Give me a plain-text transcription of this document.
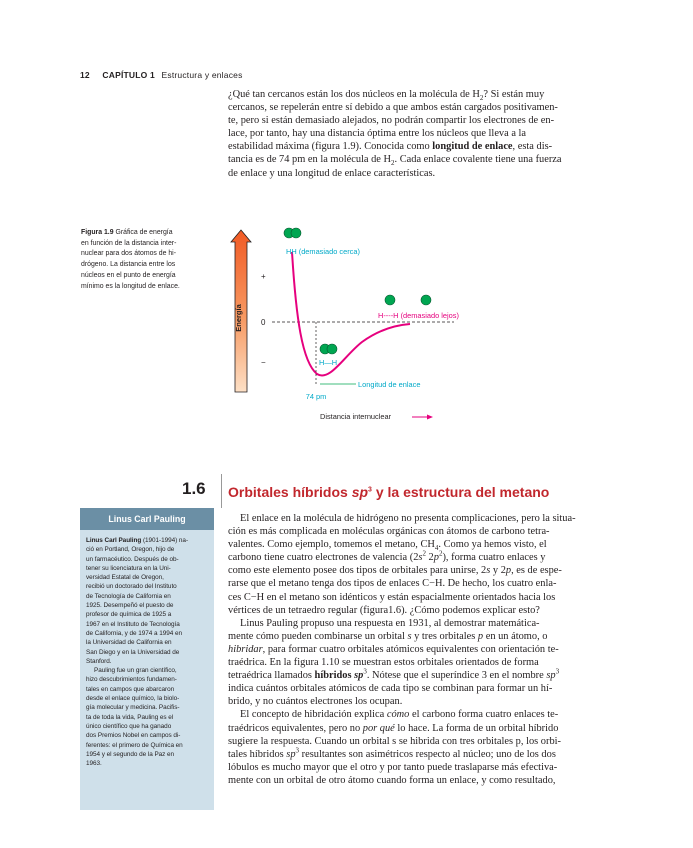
12 CAPÍTULO 1 Estructura y enlaces
¿Qué tan cercanos están los dos núcleos en la molécula de $H_2$? Si están muy
cercanos, se repelerán entre sí debido a que ambos están cargados positivamen-
te, pero si están demasiado alejados, no podrán compartir los electrones de en-
lace, por tanto, hay una distancia óptima entre los núcleos que lleva a la
estabilidad máxima (figura 1.9). Conocida como longitud de enlace, esta dis-
tancia es de 74 pm en la molécula de $H_2$. Cada enlace covalente tiene una fuerza
de enlace y una longitud de enlace características.
Figura 1.9 Gráfica de energía
en función de la distancia inter-
nuclear para dos átomos de hi-
drógeno. La distancia entre los
núcleos en el punto de energía
mínimo es la longitud de enlace.
Energía
+
0
−
HH (demasiado cerca)
H----H (demasiado lejos)
H—H
Longitud de enlace
74 pm
Distancia internuclear
1.6 Orbitales híbridos $sp^3$ y la estructura del metano
Linus Carl Pauling

Linus Carl Pauling (1901-1994) na-
ció en Portland, Oregon, hijo de
un farmacéutico. Después de ob-
tener su licenciatura en la Uni-
versidad Estatal de Oregon,
recibió un doctorado del Instituto
de Tecnología de California en
1925. Desempeñó el puesto de
profesor de química de 1925 a
1967 en el Instituto de Tecnología
de California, y de 1974 a 1994 en
la Universidad de California en
San Diego y en la Universidad de
Stanford.

Pauling fue un gran científico,
hizo descubrimientos fundamen-
tales en campos que abarcaron
desde el enlace químico, la biolo-
gía molecular y medicina. Pacifis-
ta de toda la vida, Pauling es el
único científico que ha ganado
dos Premios Nobel en campos di-
ferentes: el primero de Química en
1954 y el segundo de la Paz en
1963.

El enlace en la molécula de hidrógeno no presenta complicaciones, pero la situa-
ción es más complicada en moléculas orgánicas con átomos de carbono tetra-
valentes. Como ejemplo, tomemos el metano, $CH_4$. Como ya hemos visto, el
carbono tiene cuatro electrones de valencia ($2s^2$ $2p^2$), forma cuatro enlaces y
como este elemento posee dos tipos de orbitales para unirse, 2s y 2p, es de espe-
rarse que el metano tenga dos tipos de enlaces C−H. De hecho, los cuatro enla-
ces C−H en el metano son idénticos y están espacialmente orientados hacia los
vértices de un tetraedro regular (figura1.6). ¿Cómo podemos explicar esto?
Linus Pauling propuso una respuesta en 1931, al demostrar matemática-
mente cómo pueden combinarse un orbital s y tres orbitales p en un átomo, o
hibridar, para formar cuatro orbitales atómicos equivalentes con orientación te-
traédrica. En la figura 1.10 se muestran estos orbitales orientados de forma
tetraédrica llamados híbridos $sp^3$. Nótese que el superíndice 3 en el nombre $sp^3$
indica cuántos orbitales atómicos de cada tipo se combinan para formar un hí-
brido, y no cuántos electrones los ocupan.
El concepto de hibridación explica cómo el carbono forma cuatro enlaces te-
traédricos equivalentes, pero no por qué lo hace. La forma de un orbital híbrido
sugiere la respuesta. Cuando un orbital s se hibrida con tres orbitales p, los orbi-
tales híbridos $sp^3$ resultantes son asimétricos respecto al núcleo; uno de los dos
lóbulos es mucho mayor que el otro y por tanto puede traslaparse más efectiva-
mente con un orbital de otro átomo cuando forma un enlace, y como resultado,
